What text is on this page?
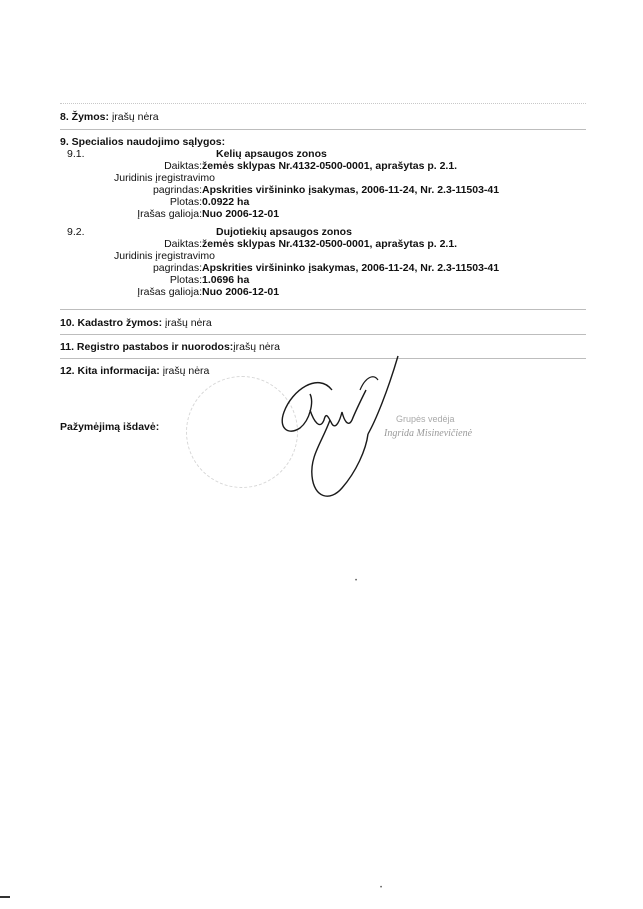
8. Žymos: įrašų nėra
9. Specialios naudojimo sąlygos:
9.1.	Kelių apsaugos zonos
Daiktas: žemės sklypas Nr.4132-0500-0001, aprašytas p. 2.1.
Juridinis įregistravimo
pagrindas: Apskrities viršininko įsakymas, 2006-11-24, Nr. 2.3-11503-41
Plotas: 0.0922 ha
Įrašas galioja: Nuo 2006-12-01
9.2.	Dujotiekių apsaugos zonos
Daiktas: žemės sklypas Nr.4132-0500-0001, aprašytas p. 2.1.
Juridinis įregistravimo
pagrindas: Apskrities viršininko įsakymas, 2006-11-24, Nr. 2.3-11503-41
Plotas: 1.0696 ha
Įrašas galioja: Nuo 2006-12-01
10. Kadastro žymos: įrašų nėra
11. Registro pastabos ir nuorodos:įrašų nėra
12. Kita informacija: įrašų nėra
Pažymėjimą išdavė:
Grupės vedėja
Ingrida Misinevičienė
•
•
